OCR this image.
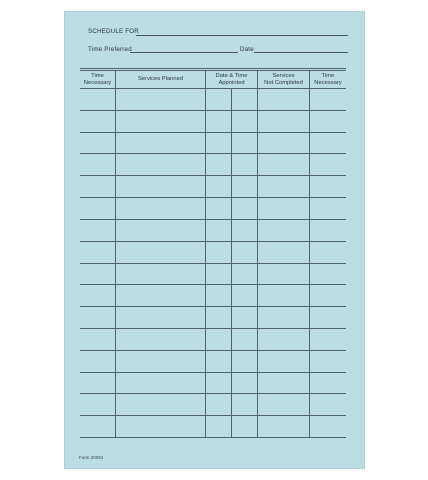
SCHEDULE FOR
Time Preferred	Date
Time
Necessary
Services Planned	Date & Time
Appointed
Services
Not Completed
Time
Necessary
Form 20084
